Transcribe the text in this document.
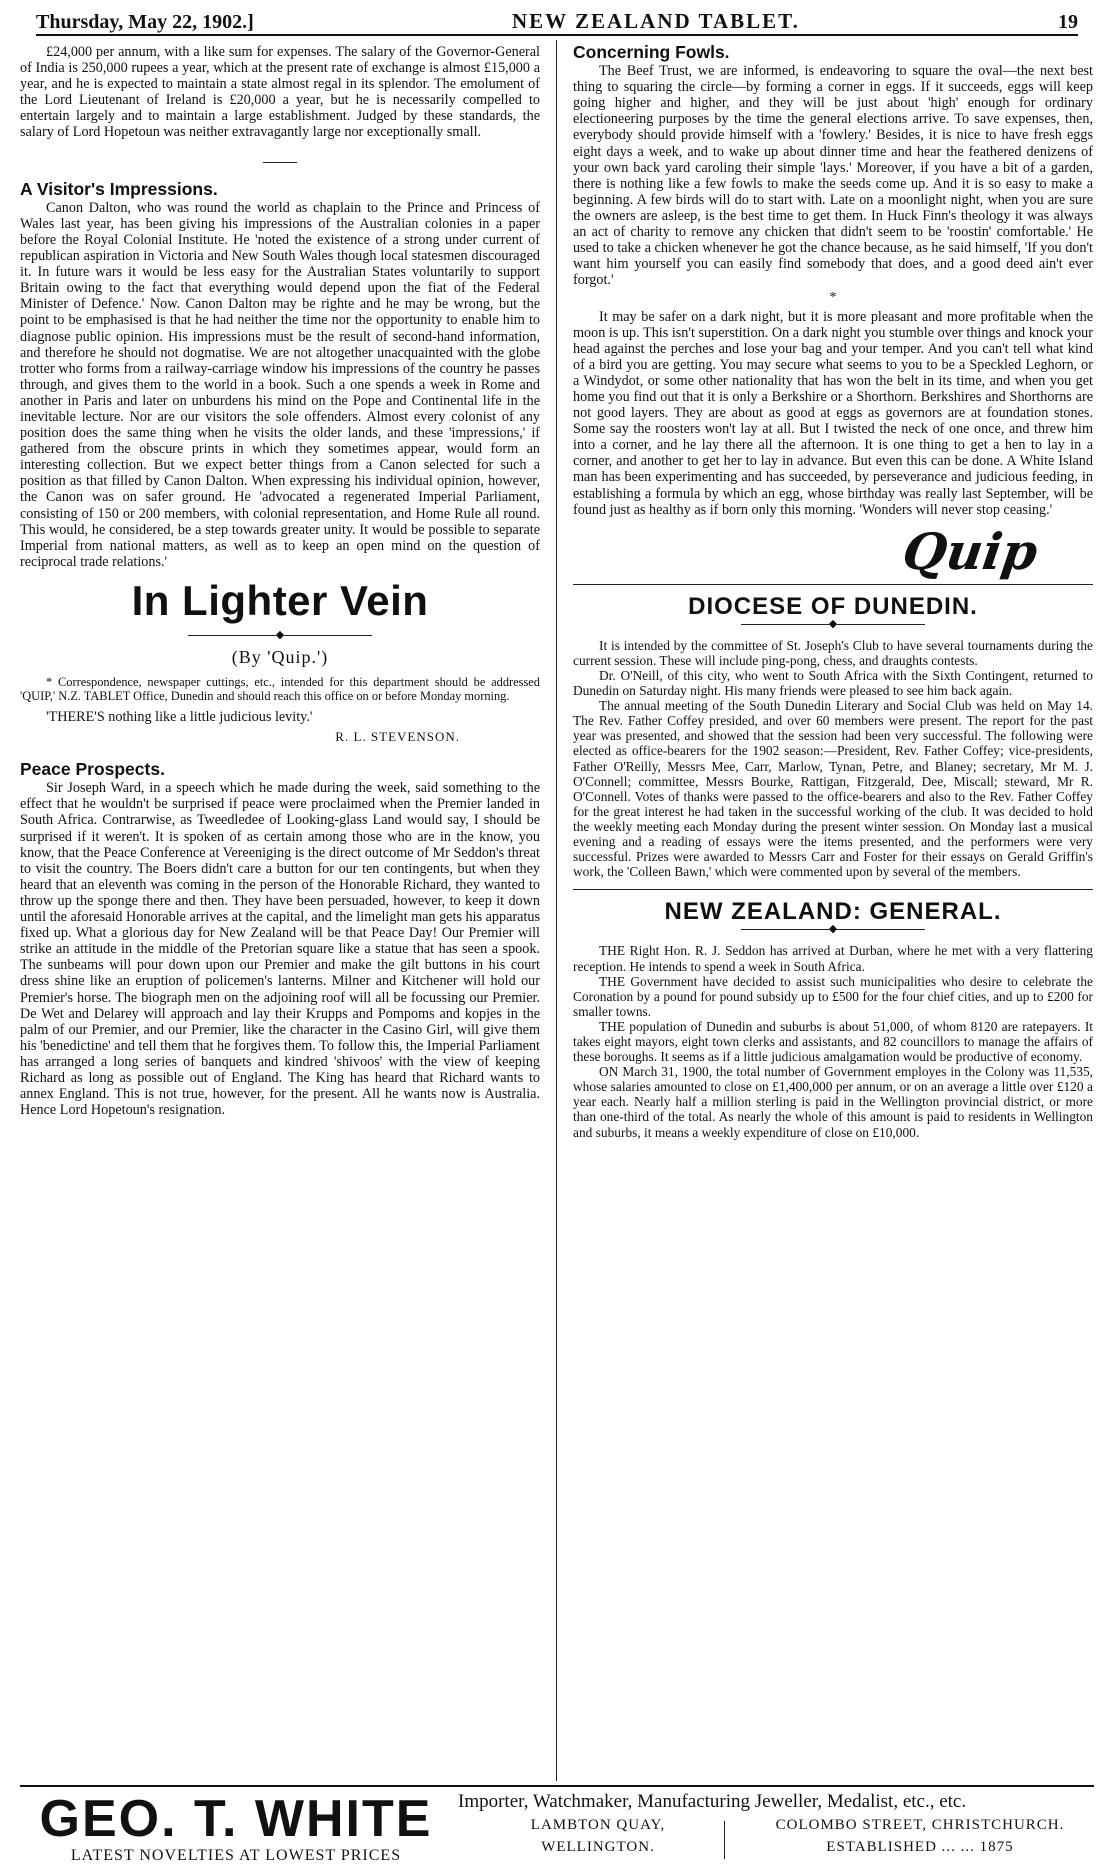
Thursday, May 22, 1902.]	NEW ZEALAND TABLET.	19

£24,000 per annum, with a like sum for expenses. The salary of the Governor-General of India is 250,000 rupees a year, which at the present rate of exchange is almost £15,000 a year, and he is expected to maintain a state almost regal in its splendor. The emolument of the Lord Lieutenant of Ireland is £20,000 a year, but he is necessarily compelled to entertain largely and to maintain a large establishment. Judged by these standards, the salary of Lord Hopetoun was neither extravagantly large nor exceptionally small.

A Visitor's Impressions.

Canon Dalton, who was round the world as chaplain to the Prince and Princess of Wales last year, has been giving his impressions of the Australian colonies in a paper before the Royal Colonial Institute. He 'noted the existence of a strong under current of republican aspiration in Victoria and New South Wales though local statesmen discouraged it. In future wars it would be less easy for the Australian States voluntarily to support Britain owing to the fact that everything would depend upon the fiat of the Federal Minister of Defence.' Now. Canon Dalton may be righte and he may be wrong, but the point to be emphasised is that he had neither the time nor the opportunity to enable him to diagnose public opinion. His impressions must be the result of second-hand information, and therefore he should not dogmatise. We are not altogether unacquainted with the globe trotter who forms from a railway-carriage window his impressions of the country he passes through, and gives them to the world in a book. Such a one spends a week in Rome and another in Paris and later on unburdens his mind on the Pope and Continental life in the inevitable lecture. Nor are our visitors the sole offenders. Almost every colonist of any position does the same thing when he visits the older lands, and these 'impressions,' if gathered from the obscure prints in which they sometimes appear, would form an interesting collection. But we expect better things from a Canon selected for such a position as that filled by Canon Dalton. When expressing his individual opinion, however, the Canon was on safer ground. He 'advocated a regenerated Imperial Parliament, consisting of 150 or 200 members, with colonial representation, and Home Rule all round. This would, he considered, be a step towards greater unity. It would be possible to separate Imperial from national matters, as well as to keep an open mind on the question of reciprocal trade relations.'

In Lighter Vein
◆
(By 'Quip.')

* Correspondence, newspaper cuttings, etc., intended for this department should be addressed 'QUIP,' N.Z. TABLET Office, Dunedin and should reach this office on or before Monday morning.

'THERE'S nothing like a little judicious levity.'

R. L. STEVENSON.
Peace Prospects.

Sir Joseph Ward, in a speech which he made during the week, said something to the effect that he wouldn't be surprised if peace were proclaimed when the Premier landed in South Africa. Contrarwise, as Tweedledee of Looking-glass Land would say, I should be surprised if it weren't. It is spoken of as certain among those who are in the know, you know, that the Peace Conference at Vereeniging is the direct outcome of Mr Seddon's threat to visit the country. The Boers didn't care a button for our ten contingents, but when they heard that an eleventh was coming in the person of the Honorable Richard, they wanted to throw up the sponge there and then. They have been persuaded, however, to keep it down until the aforesaid Honorable arrives at the capital, and the limelight man gets his apparatus fixed up. What a glorious day for New Zealand will be that Peace Day! Our Premier will strike an attitude in the middle of the Pretorian square like a statue that has seen a spook. The sunbeams will pour down upon our Premier and make the gilt buttons in his court dress shine like an eruption of policemen's lanterns. Milner and Kitchener will hold our Premier's horse. The biograph men on the adjoining roof will all be focussing our Premier. De Wet and Delarey will approach and lay their Krupps and Pompoms and kopjes in the palm of our Premier, and our Premier, like the character in the Casino Girl, will give them his 'benedictine' and tell them that he forgives them. To follow this, the Imperial Parliament has arranged a long series of banquets and kindred 'shivoos' with the view of keeping Richard as long as possible out of England. The King has heard that Richard wants to annex England. This is not true, however, for the present. All he wants now is Australia. Hence Lord Hopetoun's resignation.

Concerning Fowls.

The Beef Trust, we are informed, is endeavoring to square the oval—the next best thing to squaring the circle—by forming a corner in eggs. If it succeeds, eggs will keep going higher and higher, and they will be just about 'high' enough for ordinary electioneering purposes by the time the general elections arrive. To save expenses, then, everybody should provide himself with a 'fowlery.' Besides, it is nice to have fresh eggs eight days a week, and to wake up about dinner time and hear the feathered denizens of your own back yard caroling their simple 'lays.' Moreover, if you have a bit of a garden, there is nothing like a few fowls to make the seeds come up. And it is so easy to make a beginning. A few birds will do to start with. Late on a moonlight night, when you are sure the owners are asleep, is the best time to get them. In Huck Finn's theology it was always an act of charity to remove any chicken that didn't seem to be 'roostin' comfortable.' He used to take a chicken whenever he got the chance because, as he said himself, 'If you don't want him yourself you can easily find somebody that does, and a good deed ain't ever forgot.'

*

It may be safer on a dark night, but it is more pleasant and more profitable when the moon is up. This isn't superstition. On a dark night you stumble over things and knock your head against the perches and lose your bag and your temper. And you can't tell what kind of a bird you are getting. You may secure what seems to you to be a Speckled Leghorn, or a Windydot, or some other nationality that has won the belt in its time, and when you get home you find out that it is only a Berkshire or a Shorthorn. Berkshires and Shorthorns are not good layers. They are about as good at eggs as governors are at foundation stones. Some say the roosters won't lay at all. But I twisted the neck of one once, and threw him into a corner, and he lay there all the afternoon. It is one thing to get a hen to lay in a corner, and another to get her to lay in advance. But even this can be done. A White Island man has been experimenting and has succeeded, by perseverance and judicious feeding, in establishing a formula by which an egg, whose birthday was really last September, will be found just as healthy as if born only this morning. 'Wonders will never stop ceasing.'

Quip
DIOCESE OF DUNEDIN.
◆

It is intended by the committee of St. Joseph's Club to have several tournaments during the current session. These will include ping-pong, chess, and draughts contests.

Dr. O'Neill, of this city, who went to South Africa with the Sixth Contingent, returned to Dunedin on Saturday night. His many friends were pleased to see him back again.

The annual meeting of the South Dunedin Literary and Social Club was held on May 14. The Rev. Father Coffey presided, and over 60 members were present. The report for the past year was presented, and showed that the session had been very successful. The following were elected as office-bearers for the 1902 season:—President, Rev. Father Coffey; vice-presidents, Father O'Reilly, Messrs Mee, Carr, Marlow, Tynan, Petre, and Blaney; secretary, Mr M. J. O'Connell; committee, Messrs Bourke, Rattigan, Fitzgerald, Dee, Miscall; steward, Mr R. O'Connell. Votes of thanks were passed to the office-bearers and also to the Rev. Father Coffey for the great interest he had taken in the successful working of the club. It was decided to hold the weekly meeting each Monday during the present winter session. On Monday last a musical evening and a reading of essays were the items presented, and the performers were very successful. Prizes were awarded to Messrs Carr and Foster for their essays on Gerald Griffin's work, the 'Colleen Bawn,' which were commented upon by several of the members.

NEW ZEALAND: GENERAL.
◆

THE Right Hon. R. J. Seddon has arrived at Durban, where he met with a very flattering reception. He intends to spend a week in South Africa.

THE Government have decided to assist such municipalities who desire to celebrate the Coronation by a pound for pound subsidy up to £500 for the four chief cities, and up to £200 for smaller towns.

THE population of Dunedin and suburbs is about 51,000, of whom 8120 are ratepayers. It takes eight mayors, eight town clerks and assistants, and 82 councillors to manage the affairs of these boroughs. It seems as if a little judicious amalgamation would be productive of economy.

ON March 31, 1900, the total number of Government employes in the Colony was 11,535, whose salaries amounted to close on £1,400,000 per annum, or on an average a little over £120 a year each. Nearly half a million sterling is paid in the Wellington provincial district, or more than one-third of the total. As nearly the whole of this amount is paid to residents in Wellington and suburbs, it means a weekly expenditure of close on £10,000.

GEO. T. WHITE
LATEST NOVELTIES AT LOWEST PRICES
Importer, Watchmaker, Manufacturing Jeweller, Medalist, etc., etc.
LAMBTON QUAY,
WELLINGTON.
COLOMBO STREET, CHRISTCHURCH.
ESTABLISHED ... ... 1875
